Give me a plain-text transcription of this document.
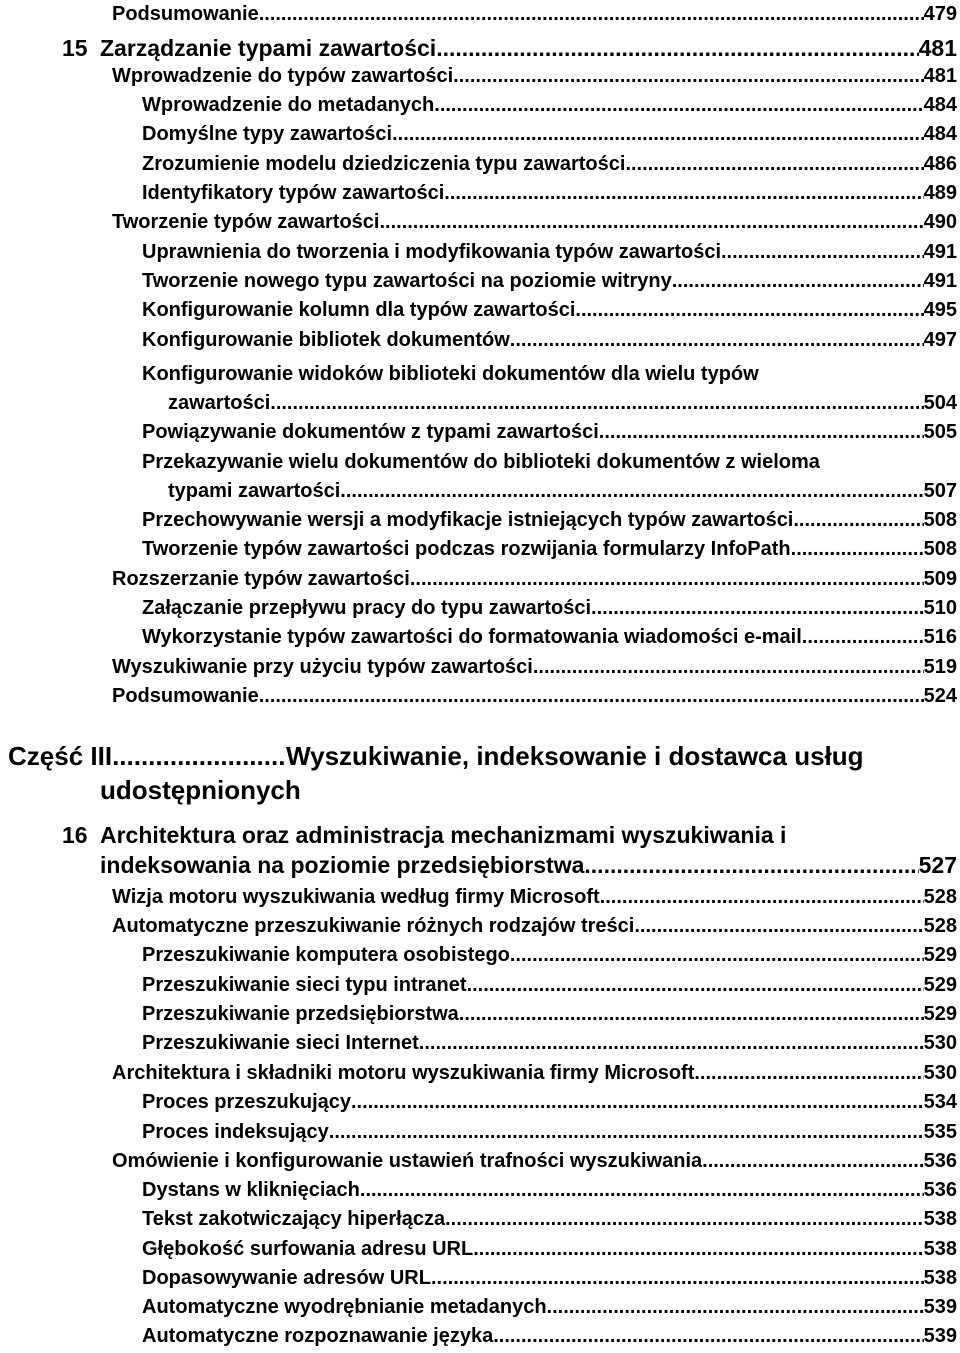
Podsumowanie .....	479
15 Zarządzanie typami zawartości .....	481
Wprowadzenie do typów zawartości .....	481
Wprowadzenie do metadanych .....	484
Domyślne typy zawartości .....	484
Zrozumienie modelu dziedziczenia typu zawartości .....	486
Identyfikatory typów zawartości .....	489
Tworzenie typów zawartości .....	490
Uprawnienia do tworzenia i modyfikowania typów zawartości .....	491
Tworzenie nowego typu zawartości na poziomie witryny .....	491
Konfigurowanie kolumn dla typów zawartości .....	495
Konfigurowanie bibliotek dokumentów .....	497
Konfigurowanie widoków biblioteki dokumentów dla wielu typów
zawartości .....	504
Powiązywanie dokumentów z typami zawartości .....	505
Przekazywanie wielu dokumentów do biblioteki dokumentów z wieloma
typami zawartości .....	507
Przechowywanie wersji a modyfikacje istniejących typów zawartości .....	508
Tworzenie typów zawartości podczas rozwijania formularzy InfoPath .....	508
Rozszerzanie typów zawartości .....	509
Załączanie przepływu pracy do typu zawartości .....	510
Wykorzystanie typów zawartości do formatowania wiadomości e-mail .....	516
Wyszukiwanie przy użyciu typów zawartości .....	519
Podsumowanie .....	524
Część III .....	Wyszukiwanie, indeksowanie i dostawca usług
udostępnionych
16 Architektura oraz administracja mechanizmami wyszukiwania i
indeksowania na poziomie przedsiębiorstwa .....	527
Wizja motoru wyszukiwania według firmy Microsoft .....	528
Automatyczne przeszukiwanie różnych rodzajów treści .....	528
Przeszukiwanie komputera osobistego .....	529
Przeszukiwanie sieci typu intranet .....	529
Przeszukiwanie przedsiębiorstwa .....	529
Przeszukiwanie sieci Internet .....	530
Architektura i składniki motoru wyszukiwania firmy Microsoft .....	530
Proces przeszukujący .....	534
Proces indeksujący .....	535
Omówienie i konfigurowanie ustawień trafności wyszukiwania .....	536
Dystans w kliknięciach .....	536
Tekst zakotwiczający hiperłącza .....	538
Głębokość surfowania adresu URL .....	538
Dopasowywanie adresów URL .....	538
Automatyczne wyodrębnianie metadanych .....	539
Automatyczne rozpoznawanie języka .....	539
